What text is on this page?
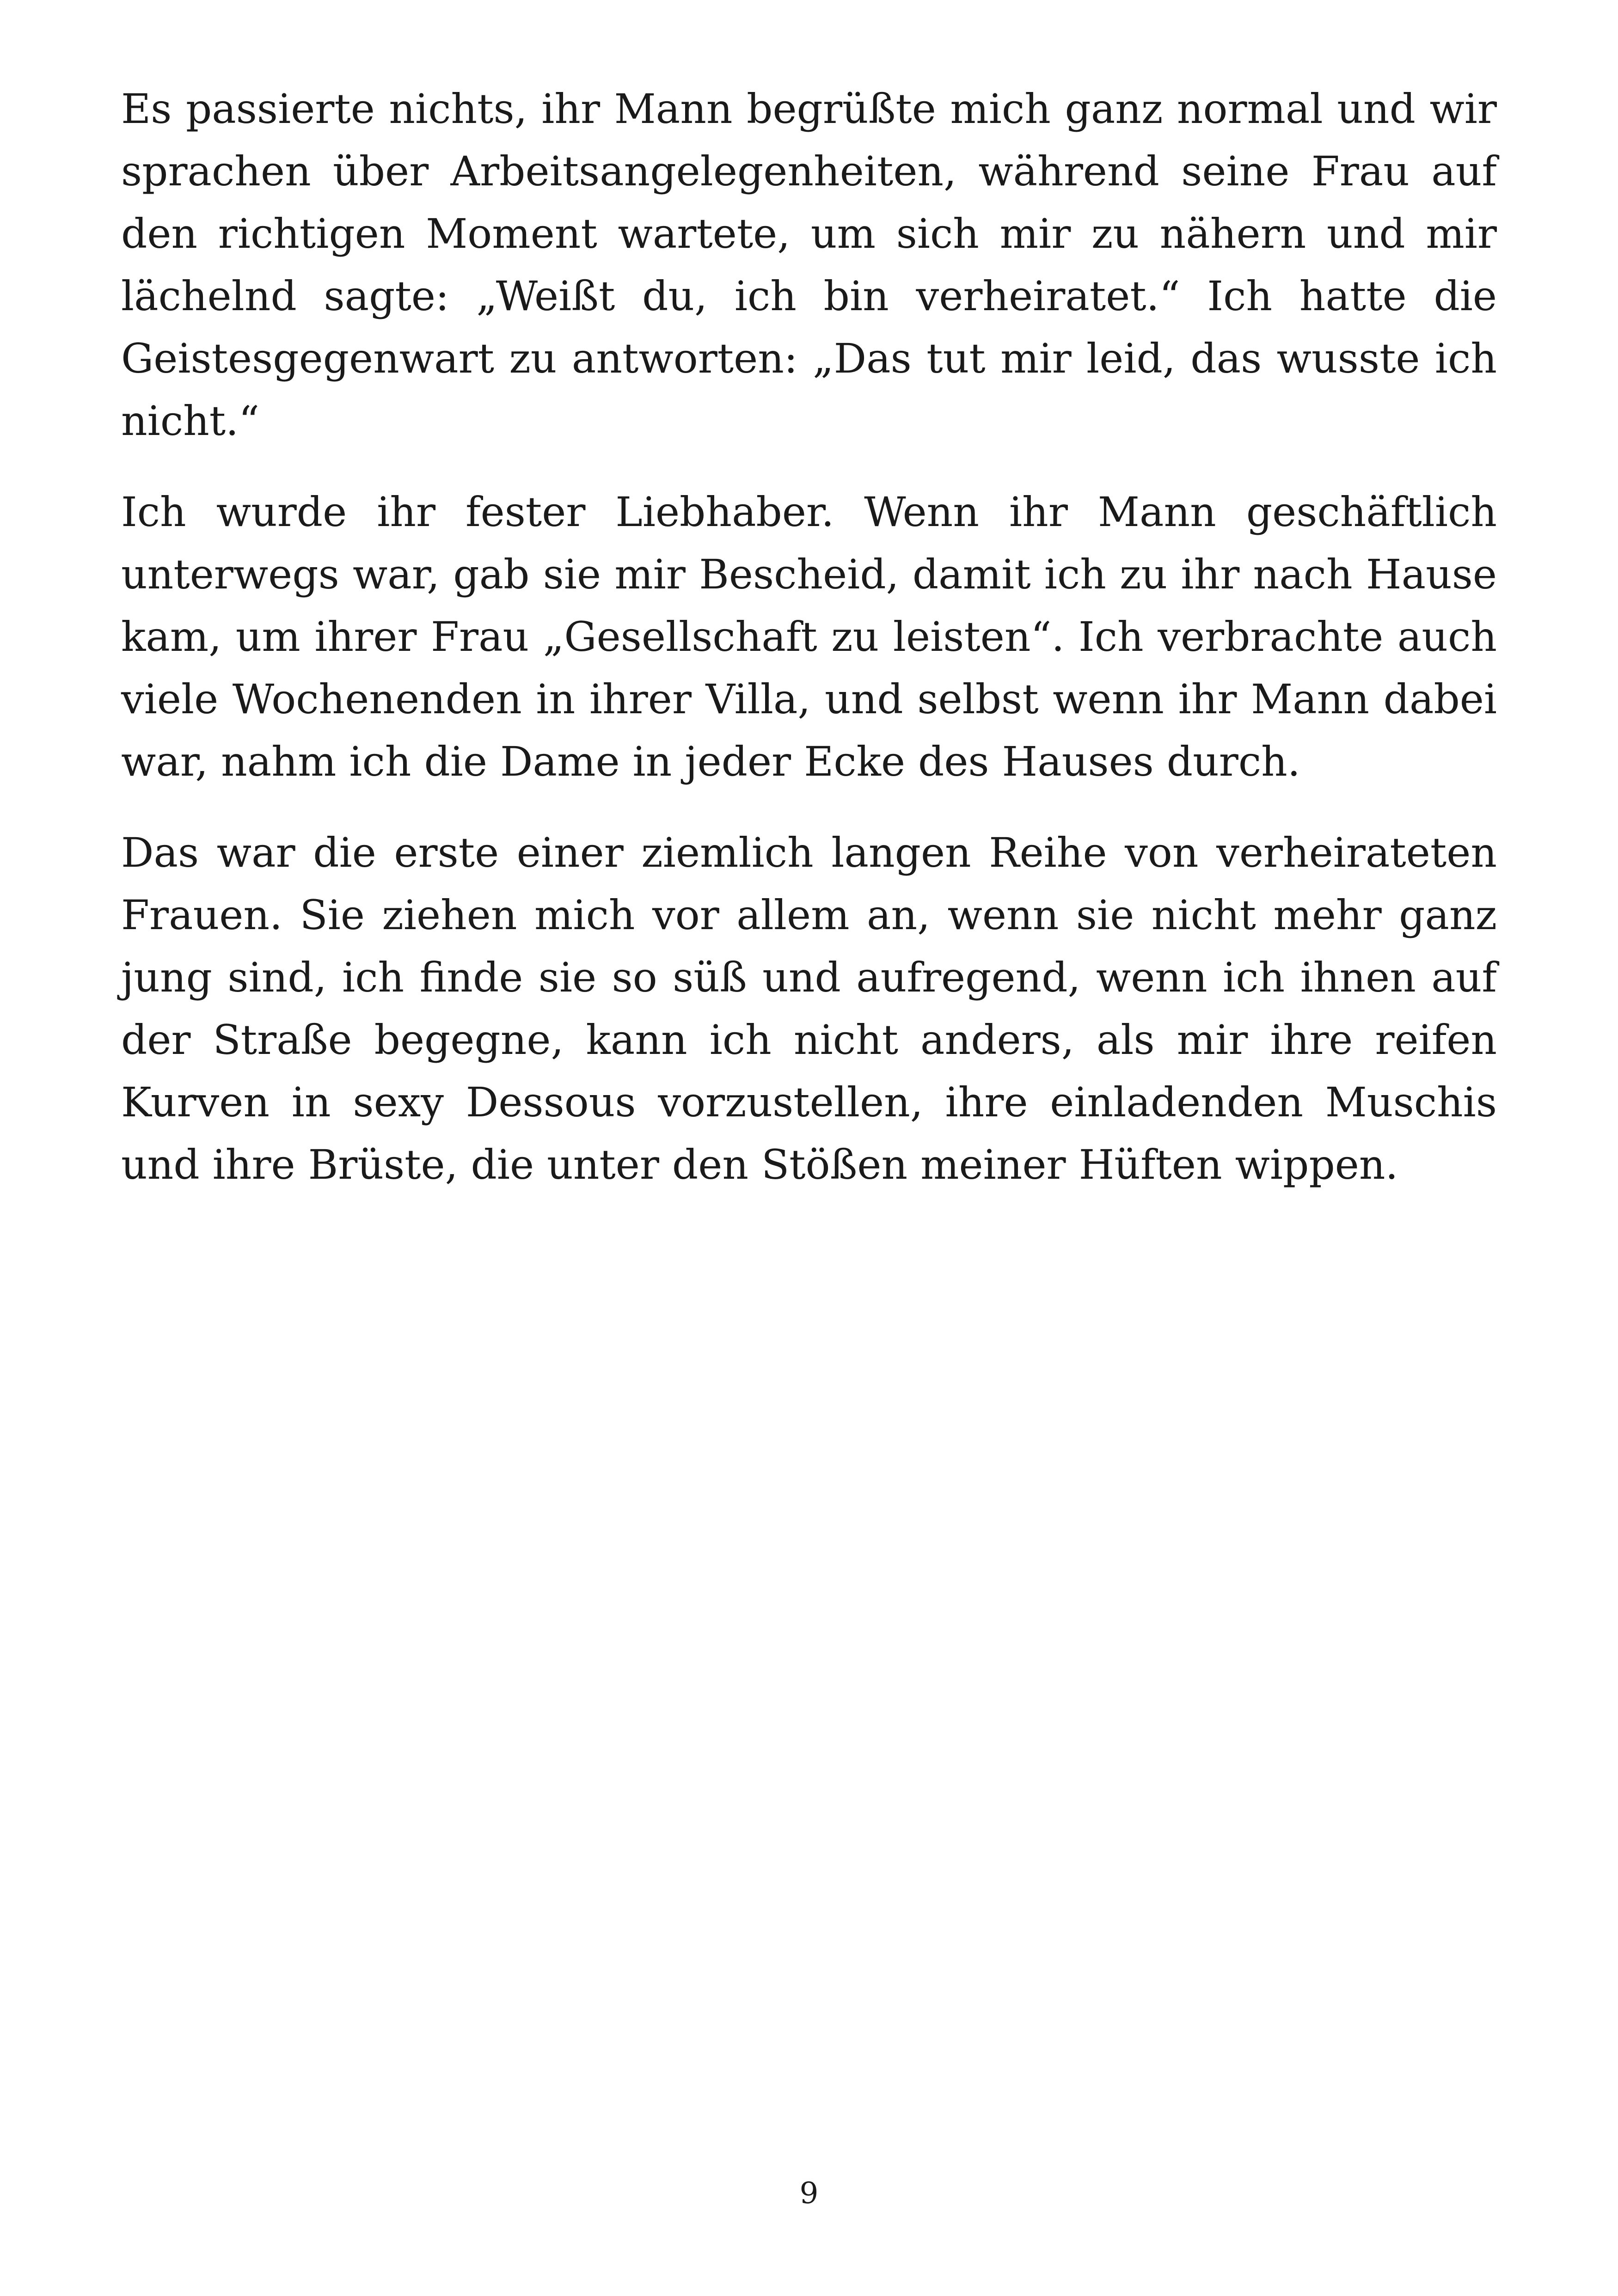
Es passierte nichts, ihr Mann begrüßte mich ganz normal und wir sprachen über Arbeitsangelegenheiten, während seine Frau auf den richtigen Moment wartete, um sich mir zu nähern und mir lächelnd sagte: „Weißt du, ich bin verheiratet.“ Ich hatte die Geistesgegenwart zu antworten: „Das tut mir leid, das wusste ich nicht.“

Ich wurde ihr fester Liebhaber. Wenn ihr Mann geschäftlich unterwegs war, gab sie mir Bescheid, damit ich zu ihr nach Hause kam, um ihrer Frau „Gesellschaft zu leisten“. Ich verbrachte auch viele Wochenenden in ihrer Villa, und selbst wenn ihr Mann dabei war, nahm ich die Dame in jeder Ecke des Hauses durch.

Das war die erste einer ziemlich langen Reihe von verheirateten Frauen. Sie ziehen mich vor allem an, wenn sie nicht mehr ganz jung sind, ich finde sie so süß und aufregend, wenn ich ihnen auf der Straße begegne, kann ich nicht anders, als mir ihre reifen Kurven in sexy Dessous vorzustellen, ihre einladenden Muschis und ihre Brüste, die unter den Stößen meiner Hüften wippen.

9
